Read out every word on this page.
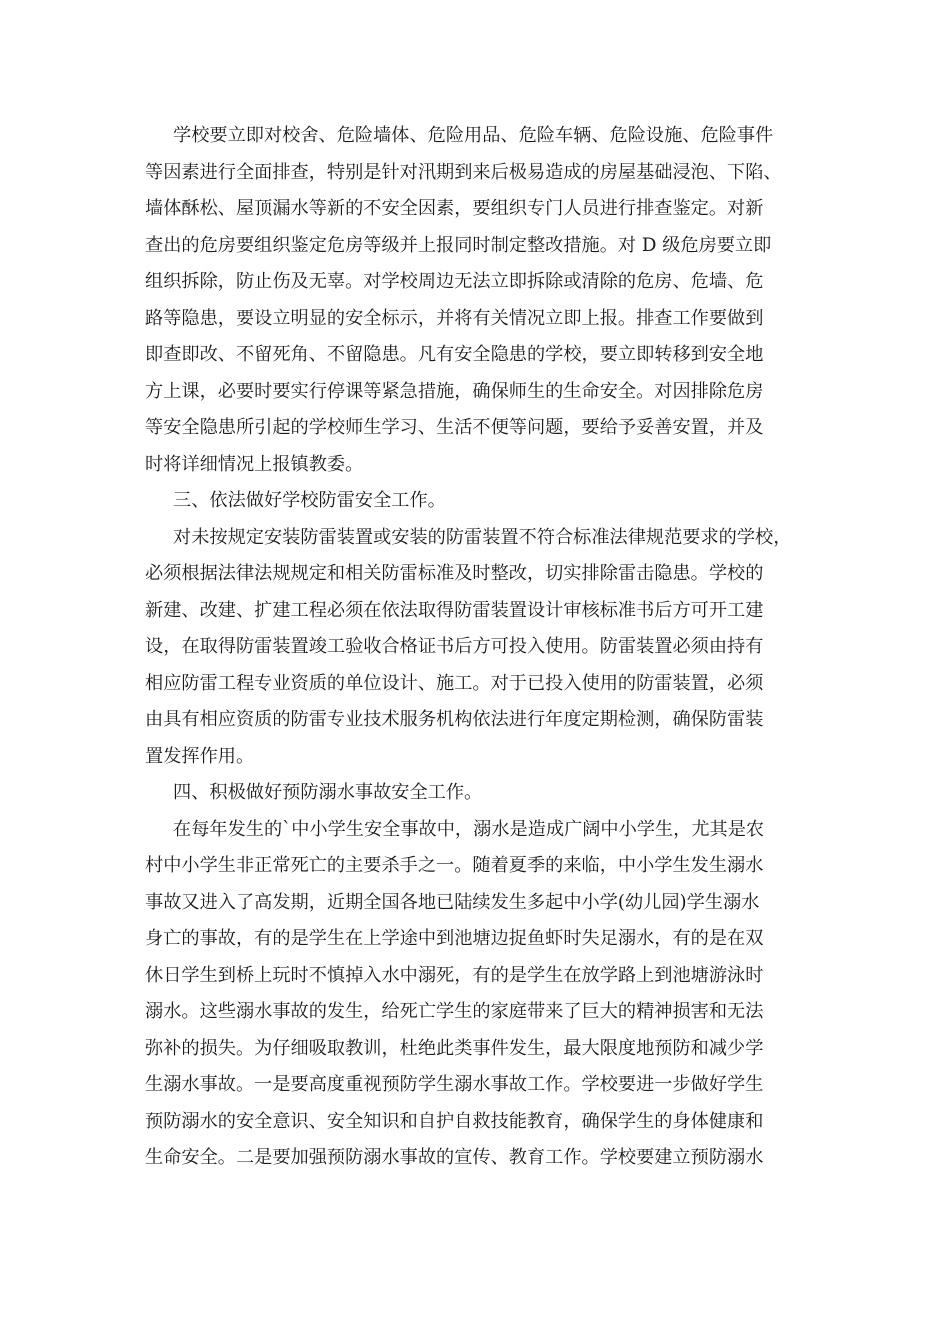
学校要立即对校舍、危险墙体、危险用品、危险车辆、危险设施、危险事件
等因素进行全面排查，特别是针对汛期到来后极易造成的房屋基础浸泡、下陷、
墙体酥松、屋顶漏水等新的不安全因素，要组织专门人员进行排查鉴定。对新
查出的危房要组织鉴定危房等级并上报同时制定整改措施。对 D 级危房要立即
组织拆除，防止伤及无辜。对学校周边无法立即拆除或清除的危房、危墙、危
路等隐患，要设立明显的安全标示，并将有关情况立即上报。排查工作要做到
即查即改、不留死角、不留隐患。凡有安全隐患的学校，要立即转移到安全地
方上课，必要时要实行停课等紧急措施，确保师生的生命安全。对因排除危房
等安全隐患所引起的学校师生学习、生活不便等问题，要给予妥善安置，并及
时将详细情况上报镇教委。
三、依法做好学校防雷安全工作。
对未按规定安装防雷装置或安装的防雷装置不符合标准法律规范要求的学校，
必须根据法律法规规定和相关防雷标准及时整改，切实排除雷击隐患。学校的
新建、改建、扩建工程必须在依法取得防雷装置设计审核标准书后方可开工建
设，在取得防雷装置竣工验收合格证书后方可投入使用。防雷装置必须由持有
相应防雷工程专业资质的单位设计、施工。对于已投入使用的防雷装置，必须
由具有相应资质的防雷专业技术服务机构依法进行年度定期检测，确保防雷装
置发挥作用。
四、积极做好预防溺水事故安全工作。
在每年发生的`中小学生安全事故中，溺水是造成广阔中小学生，尤其是农
村中小学生非正常死亡的主要杀手之一。随着夏季的来临，中小学生发生溺水
事故又进入了高发期，近期全国各地已陆续发生多起中小学(幼儿园)学生溺水
身亡的事故，有的是学生在上学途中到池塘边捉鱼虾时失足溺水，有的是在双
休日学生到桥上玩时不慎掉入水中溺死，有的是学生在放学路上到池塘游泳时
溺水。这些溺水事故的发生，给死亡学生的家庭带来了巨大的精神损害和无法
弥补的损失。为仔细吸取教训，杜绝此类事件发生，最大限度地预防和减少学
生溺水事故。一是要高度重视预防学生溺水事故工作。学校要进一步做好学生
预防溺水的安全意识、安全知识和自护自救技能教育，确保学生的身体健康和
生命安全。二是要加强预防溺水事故的宣传、教育工作。学校要建立预防溺水
